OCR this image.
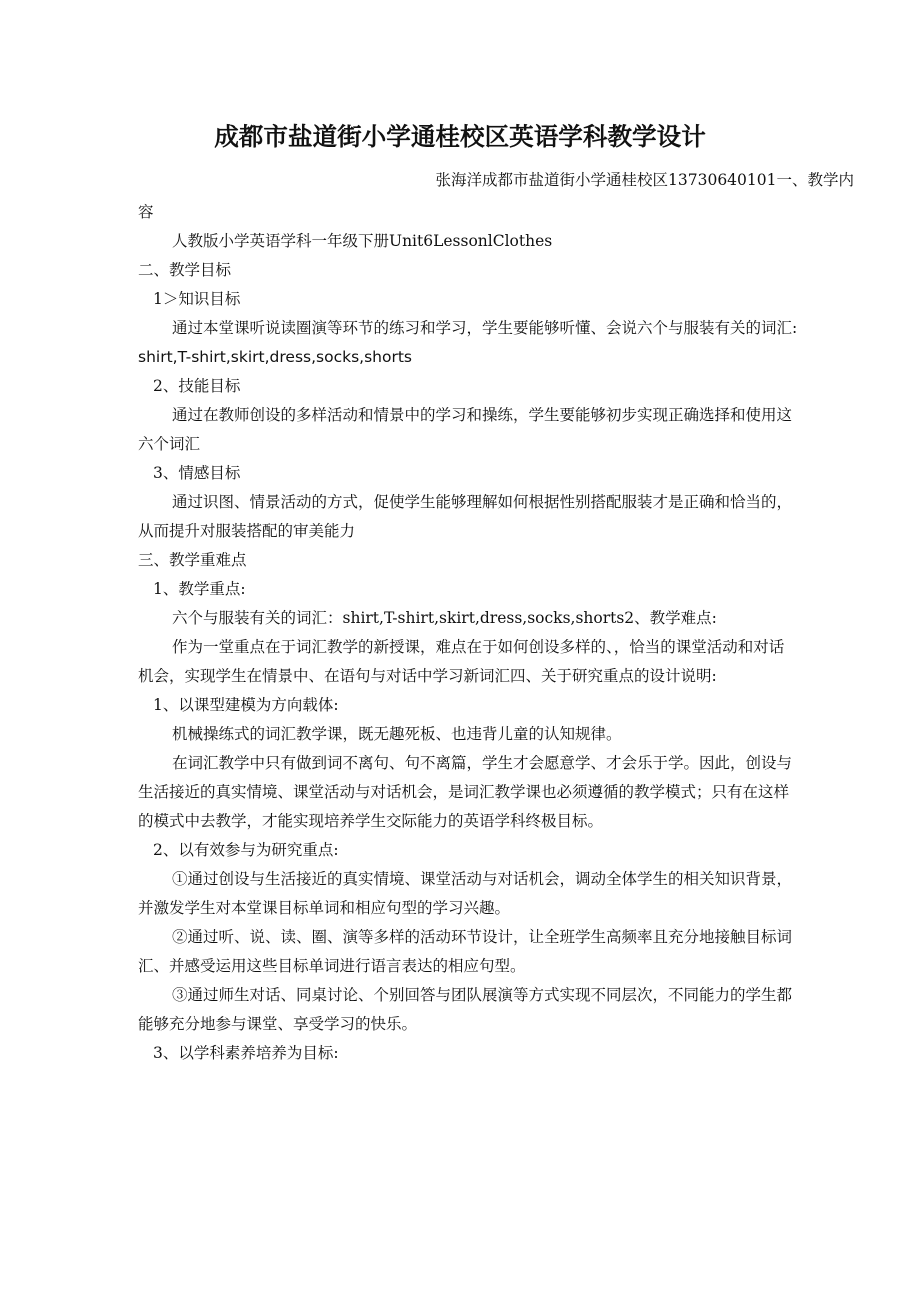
成都市盐道街小学通桂校区英语学科教学设计
张海洋成都市盐道街小学通桂校区13730640101一、教学内
容
人教版小学英语学科一年级下册Unit6LessonlClothes
二、教学目标
1＞知识目标
通过本堂课听说读圈演等环节的练习和学习，学生要能够听懂、会说六个与服装有关的词汇:
shirt,T-shirt,skirt,dress,socks,shorts
2、技能目标
通过在教师创设的多样活动和情景中的学习和操练，学生要能够初步实现正确选择和使用这
六个词汇
3、情感目标
通过识图、情景活动的方式，促使学生能够理解如何根据性别搭配服装才是正确和恰当的，
从而提升对服装搭配的审美能力
三、教学重难点
1、教学重点:
六个与服装有关的词汇：shirt,T-shirt,skirt,dress,socks,shorts2、教学难点:
作为一堂重点在于词汇教学的新授课，难点在于如何创设多样的、，恰当的课堂活动和对话
机会，实现学生在情景中、在语句与对话中学习新词汇四、关于研究重点的设计说明:
1、以课型建模为方向载体:
机械操练式的词汇教学课，既无趣死板、也违背儿童的认知规律。
在词汇教学中只有做到词不离句、句不离篇，学生才会愿意学、才会乐于学。因此，创设与
生活接近的真实情境、课堂活动与对话机会，是词汇教学课也必须遵循的教学模式；只有在这样
的模式中去教学，才能实现培养学生交际能力的英语学科终极目标。
2、以有效参与为研究重点:
①通过创设与生活接近的真实情境、课堂活动与对话机会，调动全体学生的相关知识背景，
并激发学生对本堂课目标单词和相应句型的学习兴趣。
②通过听、说、读、圈、演等多样的活动环节设计，让全班学生高频率且充分地接触目标词
汇、并感受运用这些目标单词进行语言表达的相应句型。
③通过师生对话、同桌讨论、个别回答与团队展演等方式实现不同层次，不同能力的学生都
能够充分地参与课堂、享受学习的快乐。
3、以学科素养培养为目标:
